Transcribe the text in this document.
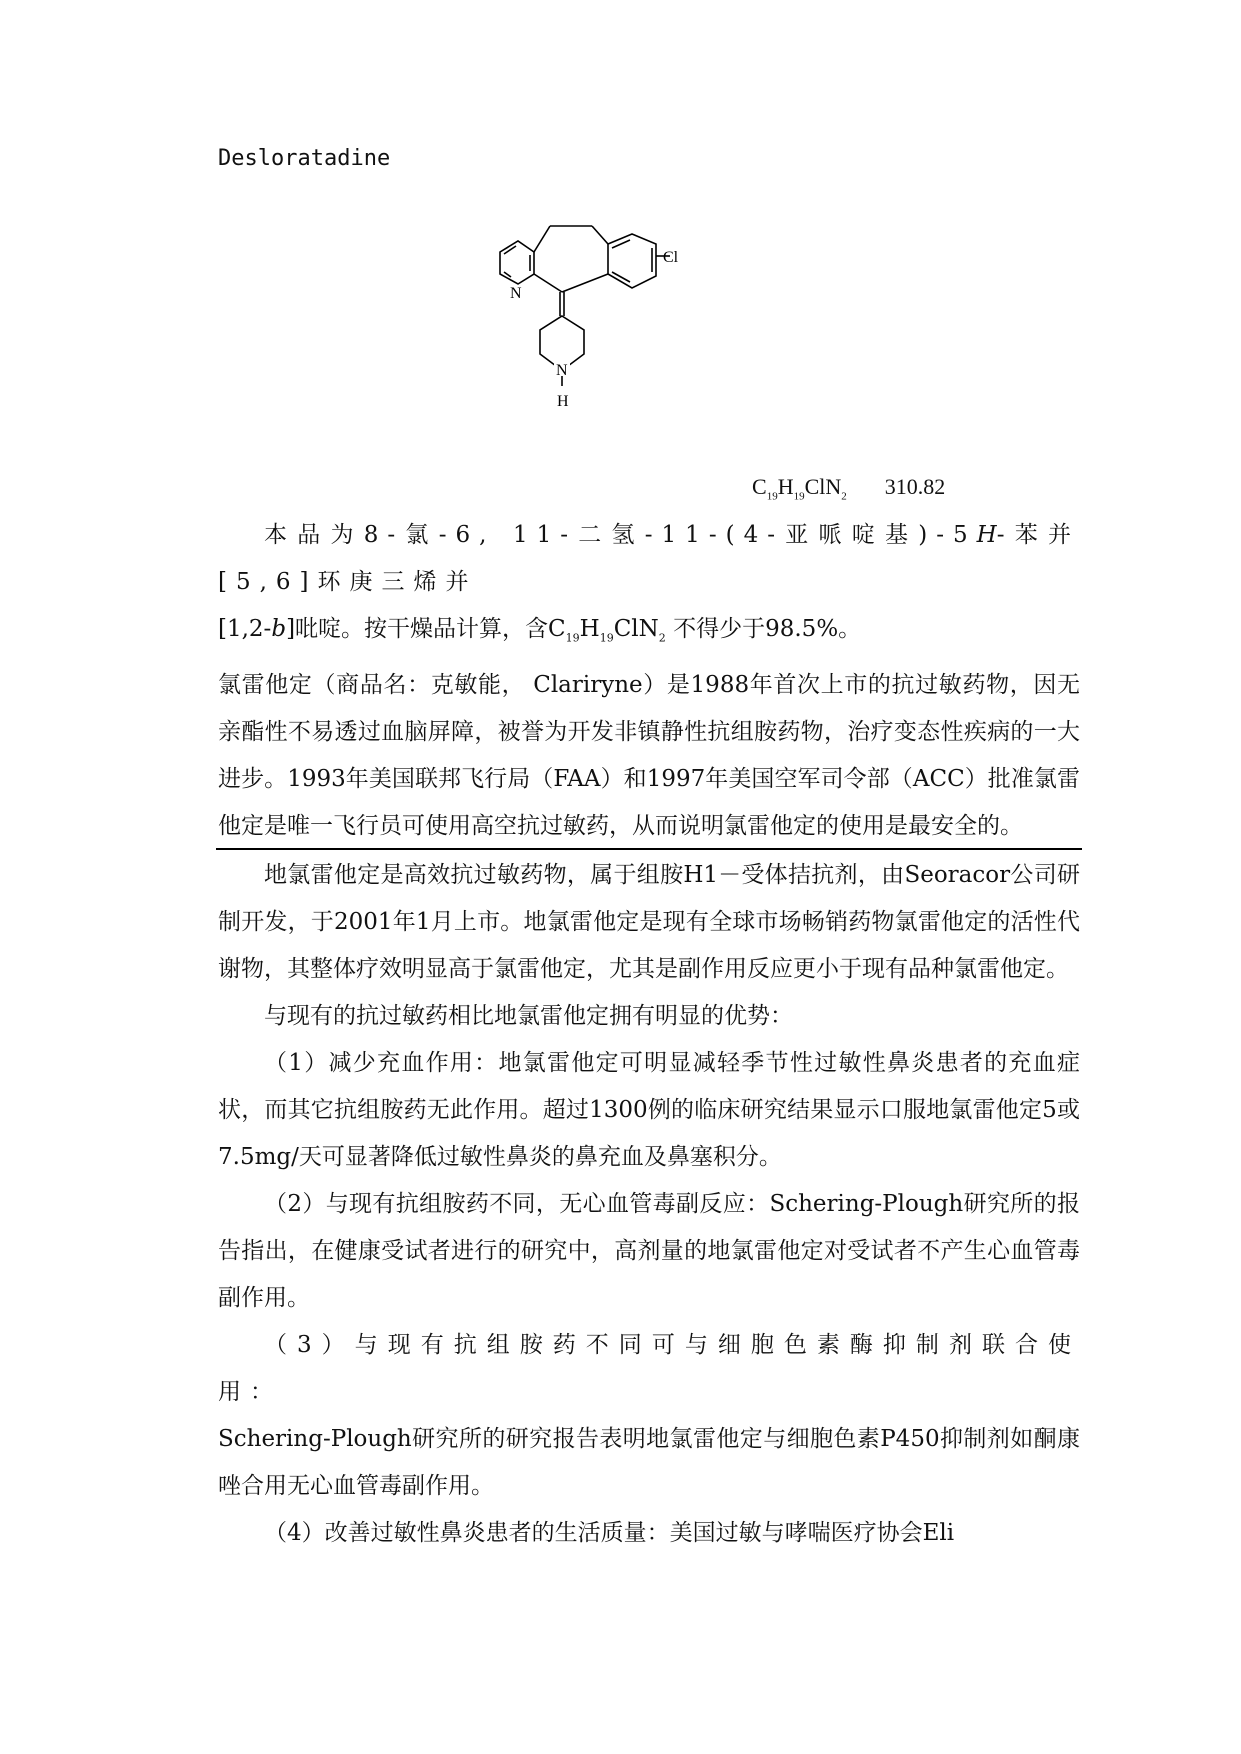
Desloratadine
Cl
N
N
H
$C_{19}H_{19}ClN_2$ 310.82

本品为8-氯-6, 11-二氢-11-(4-亚哌啶基)-5H-苯并[5,6]环庚三烯并

[1,2-b]吡啶。按干燥品计算，含$C_{19}H_{19}ClN_2$ 不得少于98.5%。

氯雷他定（商品名：克敏能， Clariryne）是1988年首次上市的抗过敏药物，因无亲酯性不易透过血脑屏障，被誉为开发非镇静性抗组胺药物，治疗变态性疾病的一大进步。1993年美国联邦飞行局（FAA）和1997年美国空军司令部（ACC）批准氯雷他定是唯一飞行员可使用高空抗过敏药，从而说明氯雷他定的使用是最安全的。

地氯雷他定是高效抗过敏药物，属于组胺H1－受体拮抗剂，由Seoracor公司研制开发，于2001年1月上市。地氯雷他定是现有全球市场畅销药物氯雷他定的活性代谢物，其整体疗效明显高于氯雷他定，尤其是副作用反应更小于现有品种氯雷他定。

与现有的抗过敏药相比地氯雷他定拥有明显的优势：

（1）减少充血作用：地氯雷他定可明显减轻季节性过敏性鼻炎患者的充血症状，而其它抗组胺药无此作用。超过1300例的临床研究结果显示口服地氯雷他定5或7.5mg/天可显著降低过敏性鼻炎的鼻充血及鼻塞积分。

（2）与现有抗组胺药不同，无心血管毒副反应：Schering-Plough研究所的报告指出，在健康受试者进行的研究中，高剂量的地氯雷他定对受试者不产生心血管毒副作用。

（3）与现有抗组胺药不同可与细胞色素酶抑制剂联合使用：

Schering-Plough研究所的研究报告表明地氯雷他定与细胞色素P450抑制剂如酮康唑合用无心血管毒副作用。

（4）改善过敏性鼻炎患者的生活质量：美国过敏与哮喘医疗协会Eli
